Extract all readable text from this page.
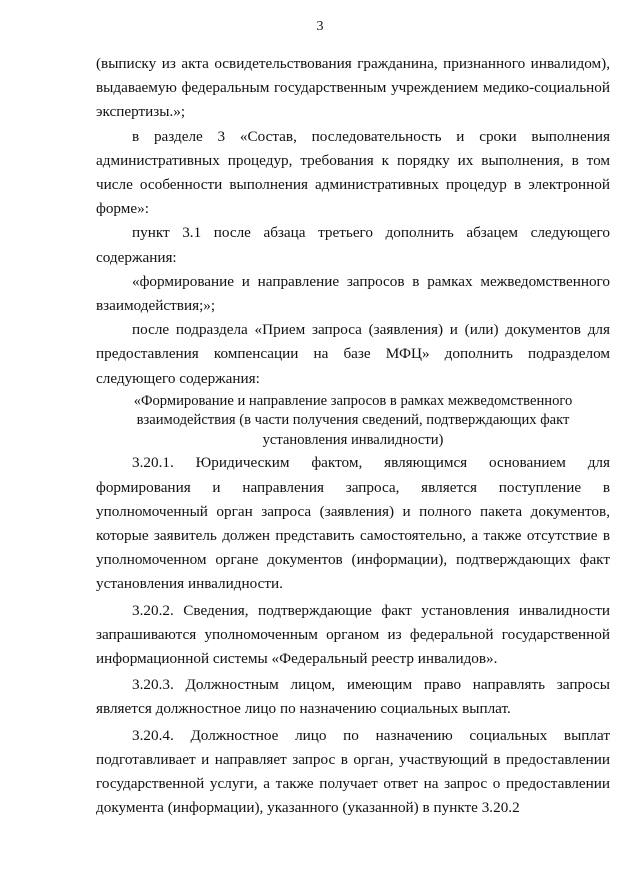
3

(выписку из акта освидетельствования гражданина, признанного инвалидом), выдаваемую федеральным государственным учреждением медико-социальной экспертизы.»;

в разделе 3 «Состав, последовательность и сроки выполнения административных процедур, требования к порядку их выполнения, в том числе особенности выполнения административных процедур в электронной форме»:

пункт 3.1 после абзаца третьего дополнить абзацем следующего содержания:

«формирование и направление запросов в рамках межведомственного взаимодействия;»;

после подраздела «Прием запроса (заявления) и (или) документов для предоставления компенсации на базе МФЦ» дополнить подразделом следующего содержания:

«Формирование и направление запросов в рамках межведомственного взаимодействия (в части получения сведений, подтверждающих факт установления инвалидности)

3.20.1. Юридическим фактом, являющимся основанием для формирования и направления запроса, является поступление в уполномоченный орган запроса (заявления) и полного пакета документов, которые заявитель должен представить самостоятельно, а также отсутствие в уполномоченном органе документов (информации), подтверждающих факт установления инвалидности.

3.20.2. Сведения, подтверждающие факт установления инвалидности запрашиваются уполномоченным органом из федеральной государственной информационной системы «Федеральный реестр инвалидов».

3.20.3. Должностным лицом, имеющим право направлять запросы является должностное лицо по назначению социальных выплат.

3.20.4. Должностное лицо по назначению социальных выплат подготавливает и направляет запрос в орган, участвующий в предоставлении государственной услуги, а также получает ответ на запрос о предоставлении документа (информации), указанного (указанной) в пункте 3.20.2
